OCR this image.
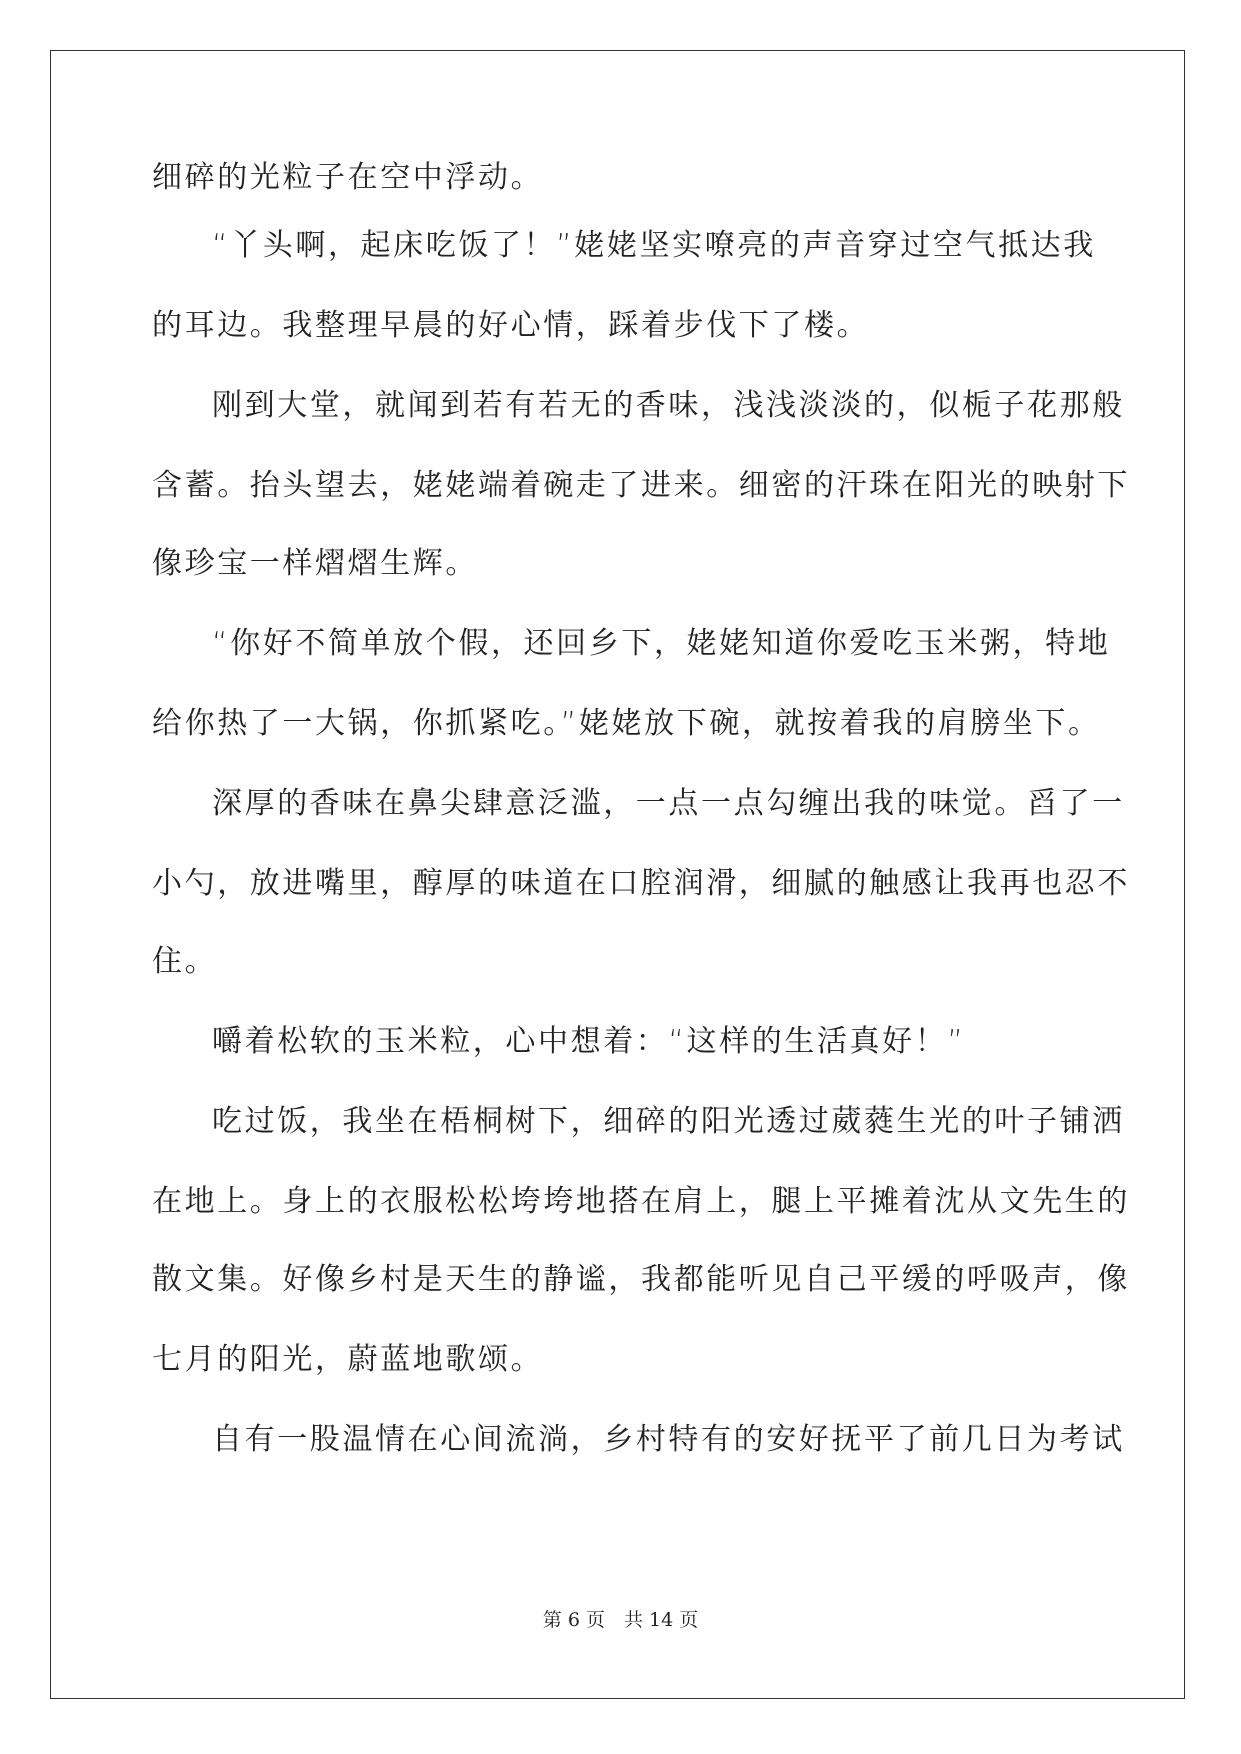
细碎的光粒子在空中浮动。
“丫头啊，起床吃饭了！”姥姥坚实嘹亮的声音穿过空气抵达我
的耳边。我整理早晨的好心情，踩着步伐下了楼。
刚到大堂，就闻到若有若无的香味，浅浅淡淡的，似栀子花那般
含蓄。抬头望去，姥姥端着碗走了进来。细密的汗珠在阳光的映射下
像珍宝一样熠熠生辉。
“你好不简单放个假，还回乡下，姥姥知道你爱吃玉米粥，特地
给你热了一大锅，你抓紧吃。”姥姥放下碗，就按着我的肩膀坐下。
深厚的香味在鼻尖肆意泛滥，一点一点勾缠出我的味觉。舀了一
小勺，放进嘴里，醇厚的味道在口腔润滑，细腻的触感让我再也忍不
住。
嚼着松软的玉米粒，心中想着：“这样的生活真好！”
吃过饭，我坐在梧桐树下，细碎的阳光透过葳蕤生光的叶子铺洒
在地上。身上的衣服松松垮垮地搭在肩上，腿上平摊着沈从文先生的
散文集。好像乡村是天生的静谧，我都能听见自己平缓的呼吸声，像
七月的阳光，蔚蓝地歌颂。
自有一股温情在心间流淌，乡村特有的安好抚平了前几日为考试
第 6 页　共 14 页
